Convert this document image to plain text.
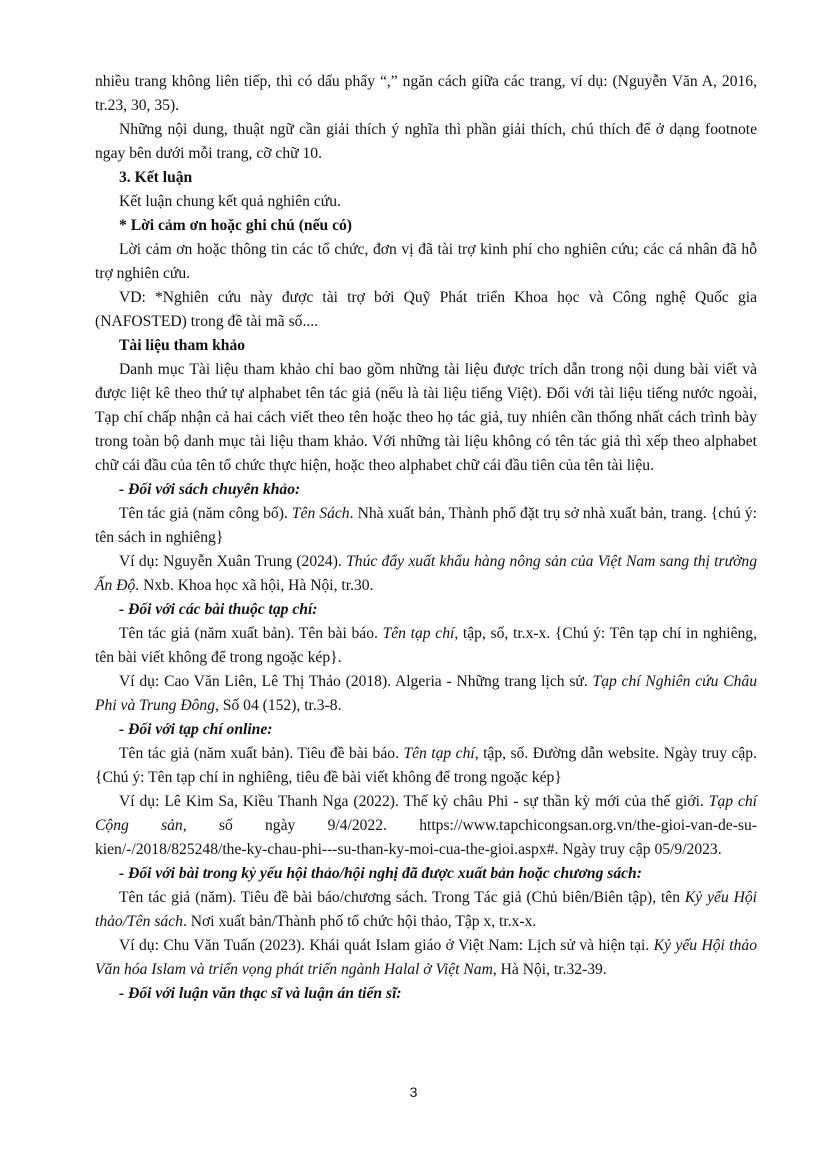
nhiều trang không liên tiếp, thì có dấu phẩy “,” ngăn cách giữa các trang, ví dụ: (Nguyễn Văn A, 2016, tr.23, 30, 35).

Những nội dung, thuật ngữ cần giải thích ý nghĩa thì phần giải thích, chú thích để ở dạng footnote ngay bên dưới mỗi trang, cỡ chữ 10.

3. Kết luận

Kết luận chung kết quả nghiên cứu.

* Lời cảm ơn hoặc ghi chú (nếu có)

Lời cảm ơn hoặc thông tin các tổ chức, đơn vị đã tài trợ kinh phí cho nghiên cứu; các cá nhân đã hỗ trợ nghiên cứu.

VD: *Nghiên cứu này được tài trợ bởi Quỹ Phát triển Khoa học và Công nghệ Quốc gia (NAFOSTED) trong đề tài mã số....

Tài liệu tham khảo

Danh mục Tài liệu tham khảo chỉ bao gồm những tài liệu được trích dẫn trong nội dung bài viết và được liệt kê theo thứ tự alphabet tên tác giả (nếu là tài liệu tiếng Việt). Đối với tài liệu tiếng nước ngoài, Tạp chí chấp nhận cả hai cách viết theo tên hoặc theo họ tác giả, tuy nhiên cần thống nhất cách trình bày trong toàn bộ danh mục tài liệu tham khảo. Với những tài liệu không có tên tác giả thì xếp theo alphabet chữ cái đầu của tên tổ chức thực hiện, hoặc theo alphabet chữ cái đầu tiên của tên tài liệu.

- Đối với sách chuyên khảo:

Tên tác giả (năm công bố). Tên Sách. Nhà xuất bản, Thành phố đặt trụ sở nhà xuất bản, trang. {chú ý: tên sách in nghiêng}

Ví dụ: Nguyễn Xuân Trung (2024). Thúc đẩy xuất khẩu hàng nông sản của Việt Nam sang thị trường Ấn Độ. Nxb. Khoa học xã hội, Hà Nội, tr.30.

- Đối với các bài thuộc tạp chí:

Tên tác giả (năm xuất bản). Tên bài báo. Tên tạp chí, tập, số, tr.x-x. {Chú ý: Tên tạp chí in nghiêng, tên bài viết không để trong ngoặc kép}.

Ví dụ: Cao Văn Liên, Lê Thị Thảo (2018). Algeria - Những trang lịch sử. Tạp chí Nghiên cứu Châu Phi và Trung Đông, Số 04 (152), tr.3-8.

- Đối với tạp chí online:

Tên tác giả (năm xuất bản). Tiêu đề bài báo. Tên tạp chí, tập, số. Đường dẫn website. Ngày truy cập. {Chú ý: Tên tạp chí in nghiêng, tiêu đề bài viết không để trong ngoặc kép}

Ví dụ: Lê Kim Sa, Kiều Thanh Nga (2022). Thế kỷ châu Phi - sự thần kỳ mới của thế giới. Tạp chí Cộng sản, số ngày 9/4/2022. https://www.tapchicongsan.org.vn/the-gioi-van-de-su-kien/-/2018/825248/the-ky-chau-phi---su-than-ky-moi-cua-the-gioi.aspx#. Ngày truy cập 05/9/2023.

- Đối với bài trong kỷ yếu hội thảo/hội nghị đã được xuất bản hoặc chương sách:

Tên tác giả (năm). Tiêu đề bài báo/chương sách. Trong Tác giả (Chủ biên/Biên tập), tên Kỷ yếu Hội thảo/Tên sách. Nơi xuất bản/Thành phố tổ chức hội thảo, Tập x, tr.x-x.

Ví dụ: Chu Văn Tuấn (2023). Khái quát Islam giáo ở Việt Nam: Lịch sử và hiện tại. Kỷ yếu Hội thảo Văn hóa Islam và triển vọng phát triển ngành Halal ở Việt Nam, Hà Nội, tr.32-39.

- Đối với luận văn thạc sĩ và luận án tiến sĩ:

3
